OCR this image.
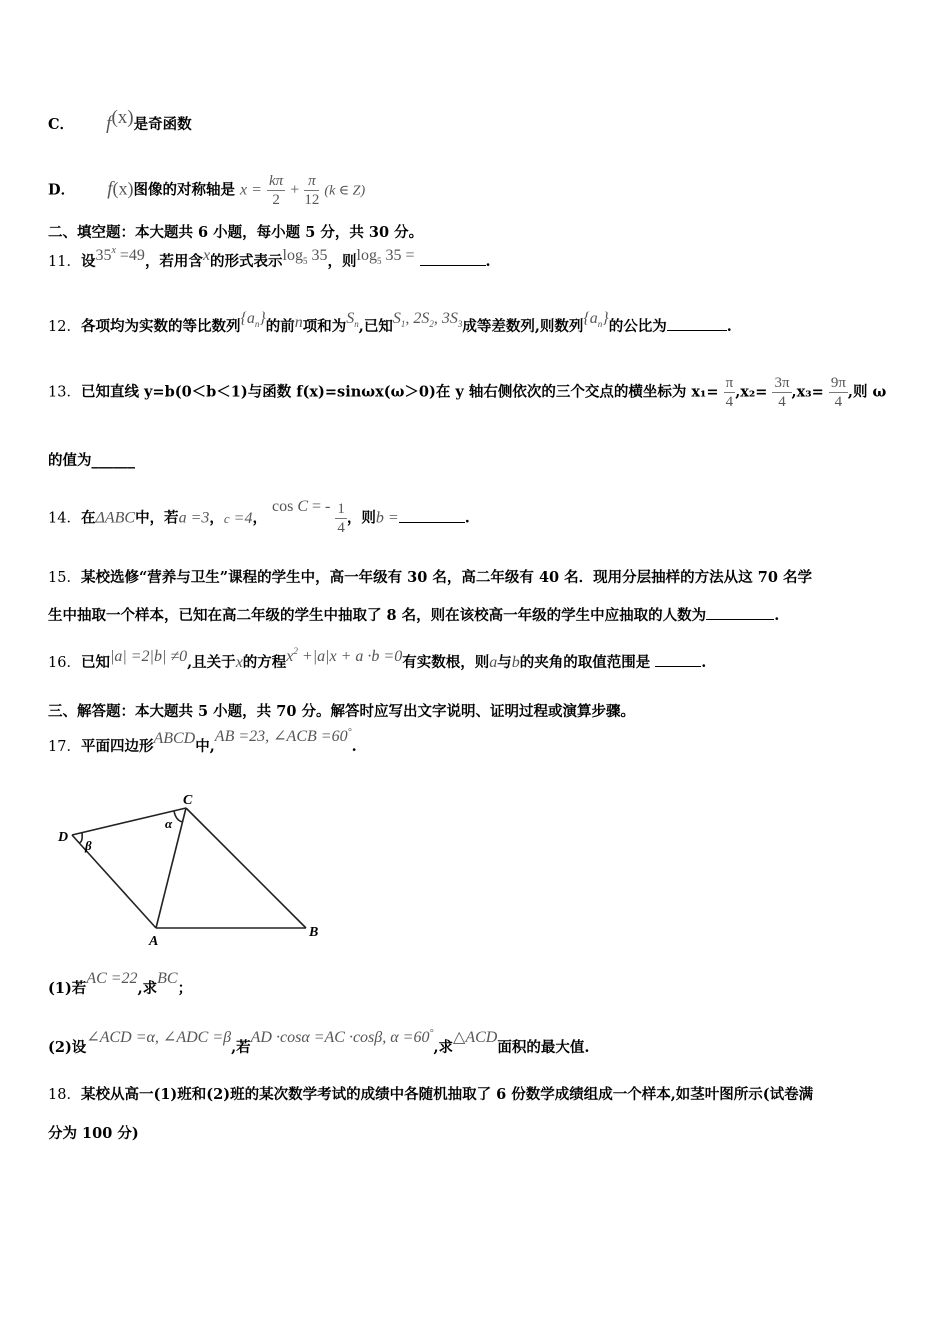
C． f(x)是奇函数
D． f(x)图像的对称轴是 $x = \frac{k\pi}{2} + \frac{\pi}{12} (k$ ∈ Z)
二、填空题：本大题共 6 小题，每小题 5 分，共 30 分。
11．设$35^x =49$，若用含x的形式表示$\log_5 35$，则$\log_5 35$ =	.
12．各项均为实数的等比数列$\{a_n\}$的前n项和为$S_n$,已知$S_1$, $2S_2$, $3S_3$成等差数列,则数列$\{a_n\}$的公比为	.
13．已知直线 y=b(0＜b＜1)与函数 f(x)=sinωx(ω＞0)在 y 轴右侧依次的三个交点的横坐标为 $x_1= \frac{\pi}{4} ,x_2= \frac{3\pi}{4} ,x_3= \frac{9\pi}{4}$ ,则 ω
的值为______
14．在ΔABC中，若a =3，c =4， cos C = - $\frac{1}{4}$ ，则b =	.
15．某校选修“营养与卫生”课程的学生中，高一年级有 30 名，高二年级有 40 名．现用分层抽样的方法从这 70 名学
生中抽取一个样本，已知在高二年级的学生中抽取了 8 名，则在该校高一年级的学生中应抽取的人数为	.
16．已知|a| =2|b| ≠0,且关于x的方程$x^2 +|a|x + a \cdot b =0$有实数根，则a与b的夹角的取值范围是	.
三、解答题：本大题共 5 小题，共 70 分。解答时应写出文字说明、证明过程或演算步骤。
17．平面四边形ABCD中,AB =23, ∠ACB =60°.
D
C
A
B
α
β
(1)若AC =22,求BC；
(2)设∠ACD =α, ∠ADC =β,若AD ·cosα =AC ·cosβ, α =60°,求△ACD面积的最大值.
18．某校从高一(1)班和(2)班的某次数学考试的成绩中各随机抽取了 6 份数学成绩组成一个样本,如茎叶图所示(试卷满
分为 100 分)
